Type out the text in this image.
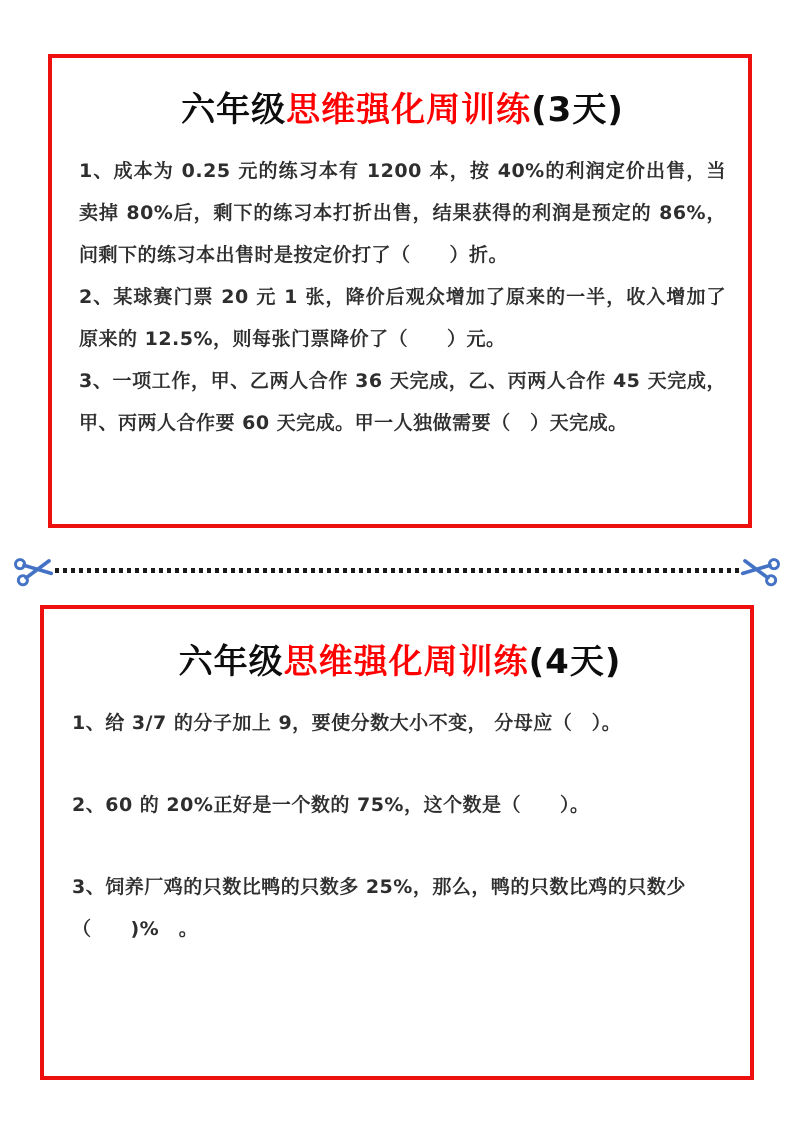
六年级思维强化周训练(3天)

1、成本为 0.25 元的练习本有 1200 本，按 40%的利润定价出售，当卖掉 80%后，剩下的练习本打折出售，结果获得的利润是预定的 86%，问剩下的练习本出售时是按定价打了（　　）折。

2、某球赛门票 20 元 1 张，降价后观众增加了原来的一半，收入增加了原来的 12.5%，则每张门票降价了（　　）元。

3、一项工作，甲、乙两人合作 36 天完成，乙、丙两人合作 45 天完成，甲、丙两人合作要 60 天完成。甲一人独做需要（　）天完成。

六年级思维强化周训练(4天)

1、给 3/7 的分子加上 9，要使分数大小不变， 分母应（　）。

2、60 的 20%正好是一个数的 75%，这个数是（　　）。

3、饲养厂鸡的只数比鸭的只数多 25%，那么，鸭的只数比鸡的只数少（　　)%　。
